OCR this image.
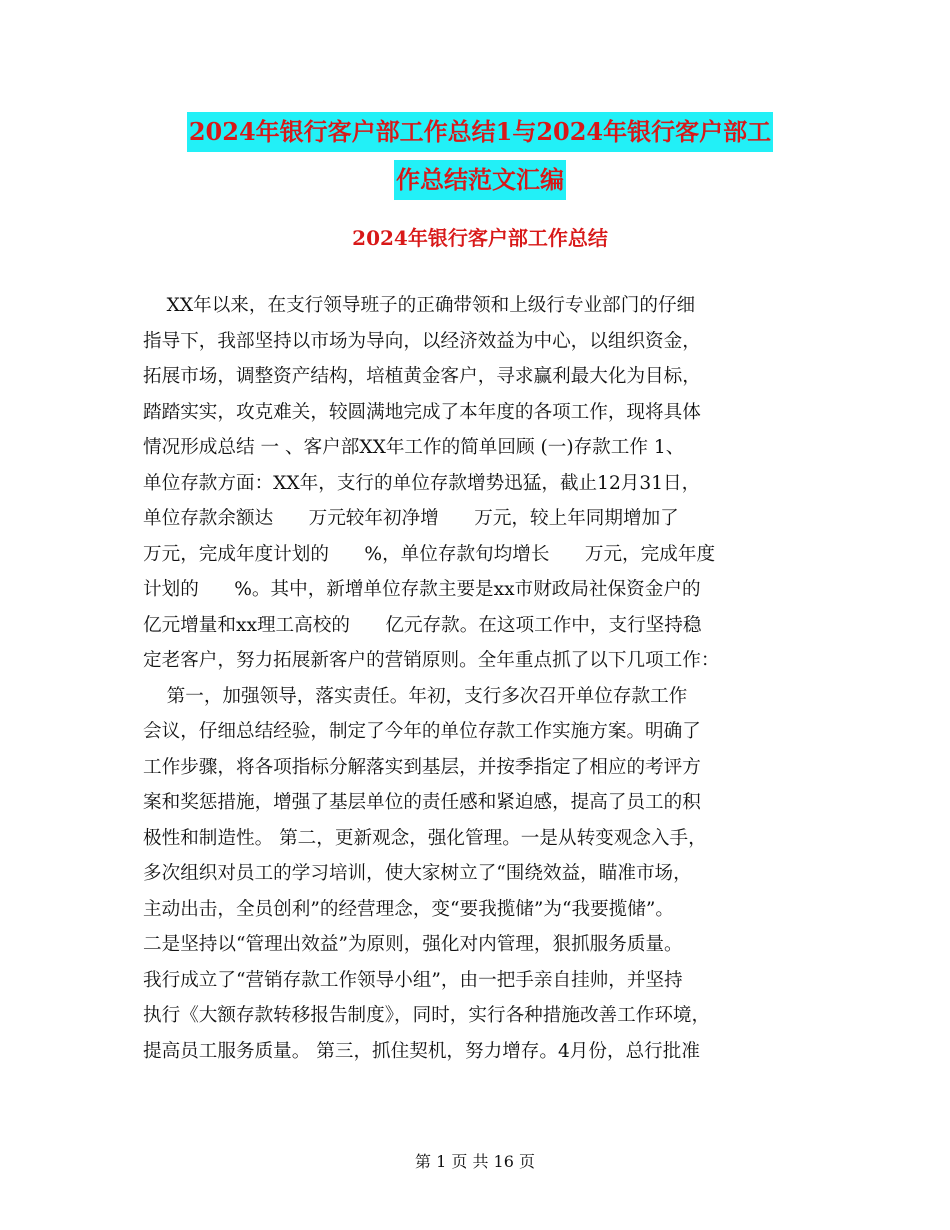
2024年银行客户部工作总结1与2024年银行客户部工
作总结范文汇编
2024年银行客户部工作总结
XX年以来，在支行领导班子的正确带领和上级行专业部门的仔细
指导下，我部坚持以市场为导向，以经济效益为中心，以组织资金，
拓展市场，调整资产结构，培植黄金客户，寻求赢利最大化为目标，
踏踏实实，攻克难关，较圆满地完成了本年度的各项工作，现将具体
情况形成总结 一 、客户部XX年工作的简单回顾 (一)存款工作 1、
单位存款方面：XX年，支行的单位存款增势迅猛，截止12月31日，
单位存款余额达      万元较年初净增      万元，较上年同期增加了
万元，完成年度计划的      %，单位存款旬均增长      万元，完成年度
计划的      %。其中，新增单位存款主要是xx市财政局社保资金户的
亿元增量和xx理工高校的      亿元存款。在这项工作中，支行坚持稳
定老客户，努力拓展新客户的营销原则。全年重点抓了以下几项工作：
第一，加强领导，落实责任。年初，支行多次召开单位存款工作
会议，仔细总结经验，制定了今年的单位存款工作实施方案。明确了
工作步骤，将各项指标分解落实到基层，并按季指定了相应的考评方
案和奖惩措施，增强了基层单位的责任感和紧迫感，提高了员工的积
极性和制造性。 第二，更新观念，强化管理。一是从转变观念入手，
多次组织对员工的学习培训，使大家树立了“围绕效益，瞄准市场，
主动出击，全员创利”的经营理念，变“要我揽储”为“我要揽储”。
二是坚持以“管理出效益”为原则，强化对内管理，狠抓服务质量。
我行成立了“营销存款工作领导小组”，由一把手亲自挂帅，并坚持
执行《大额存款转移报告制度》，同时，实行各种措施改善工作环境，
提高员工服务质量。 第三，抓住契机，努力增存。4月份，总行批准
第 1 页 共 16 页
